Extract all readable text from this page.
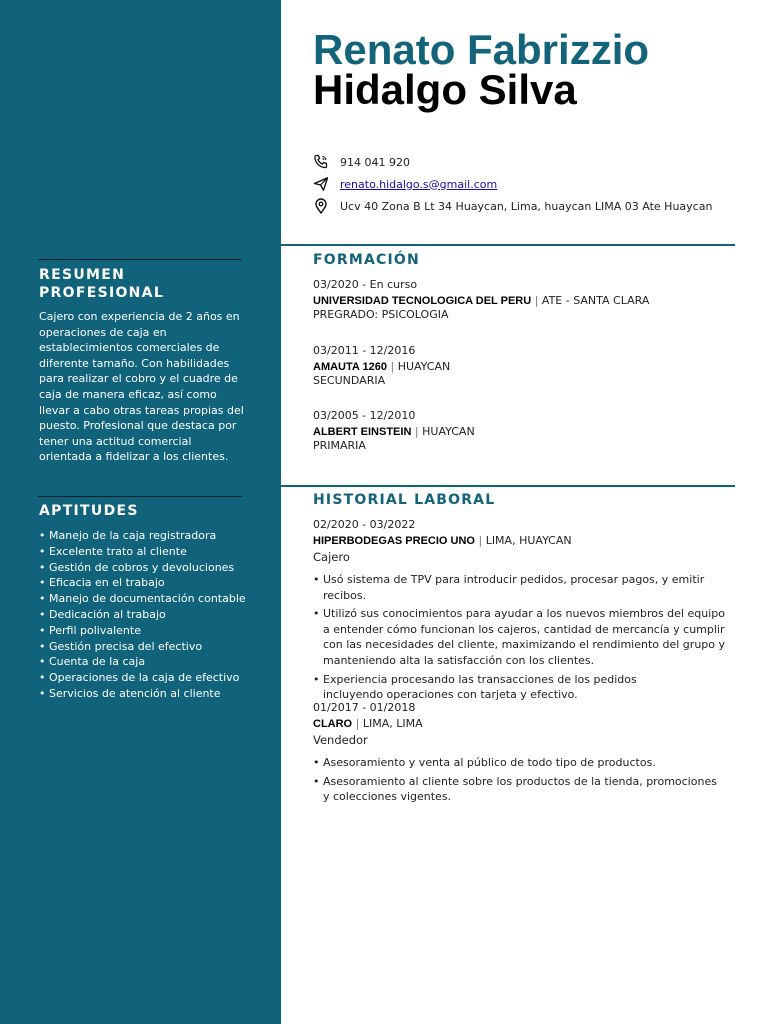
RESUMEN
PROFESIONAL
Cajero con experiencia de 2 años en operaciones de caja en establecimientos comerciales de diferente tamaño. Con habilidades para realizar el cobro y el cuadre de caja de manera eficaz, así como llevar a cabo otras tareas propias del puesto. Profesional que destaca por tener una actitud comercial orientada a fidelizar a los clientes.
APTITUDES
• Manejo de la caja registradora
• Excelente trato al cliente
• Gestión de cobros y devoluciones
• Eficacia en el trabajo
• Manejo de documentación contable
• Dedicación al trabajo
• Perfil polivalente
• Gestión precisa del efectivo
• Cuenta de la caja
• Operaciones de la caja de efectivo
• Servicios de atención al cliente
Renato Fabrizzio
Hidalgo Silva
914 041 920
renato.hidalgo.s@gmail.com
Ucv 40 Zona B Lt 34 Huaycan, Lima, huaycan LIMA 03 Ate Huaycan
FORMACIÓN
03/2020 - En curso
UNIVERSIDAD TECNOLOGICA DEL PERU | ATE - SANTA CLARA
PREGRADO: PSICOLOGIA
03/2011 - 12/2016
AMAUTA 1260 | HUAYCAN
SECUNDARIA
03/2005 - 12/2010
ALBERT EINSTEIN | HUAYCAN
PRIMARIA
HISTORIAL LABORAL
02/2020 - 03/2022
HIPERBODEGAS PRECIO UNO | LIMA, HUAYCAN
Cajero
• Usó sistema de TPV para introducir pedidos, procesar pagos, y emitir recibos.
• Utilizó sus conocimientos para ayudar a los nuevos miembros del equipo a entender cómo funcionan los cajeros, cantidad de mercancía y cumplir con las necesidades del cliente, maximizando el rendimiento del grupo y manteniendo alta la satisfacción con los clientes.
• Experiencia procesando las transacciones de los pedidos incluyendo operaciones con tarjeta y efectivo.
01/2017 - 01/2018
CLARO | LIMA, LIMA
Vendedor
• Asesoramiento y venta al público de todo tipo de productos.
• Asesoramiento al cliente sobre los productos de la tienda, promociones y colecciones vigentes.
